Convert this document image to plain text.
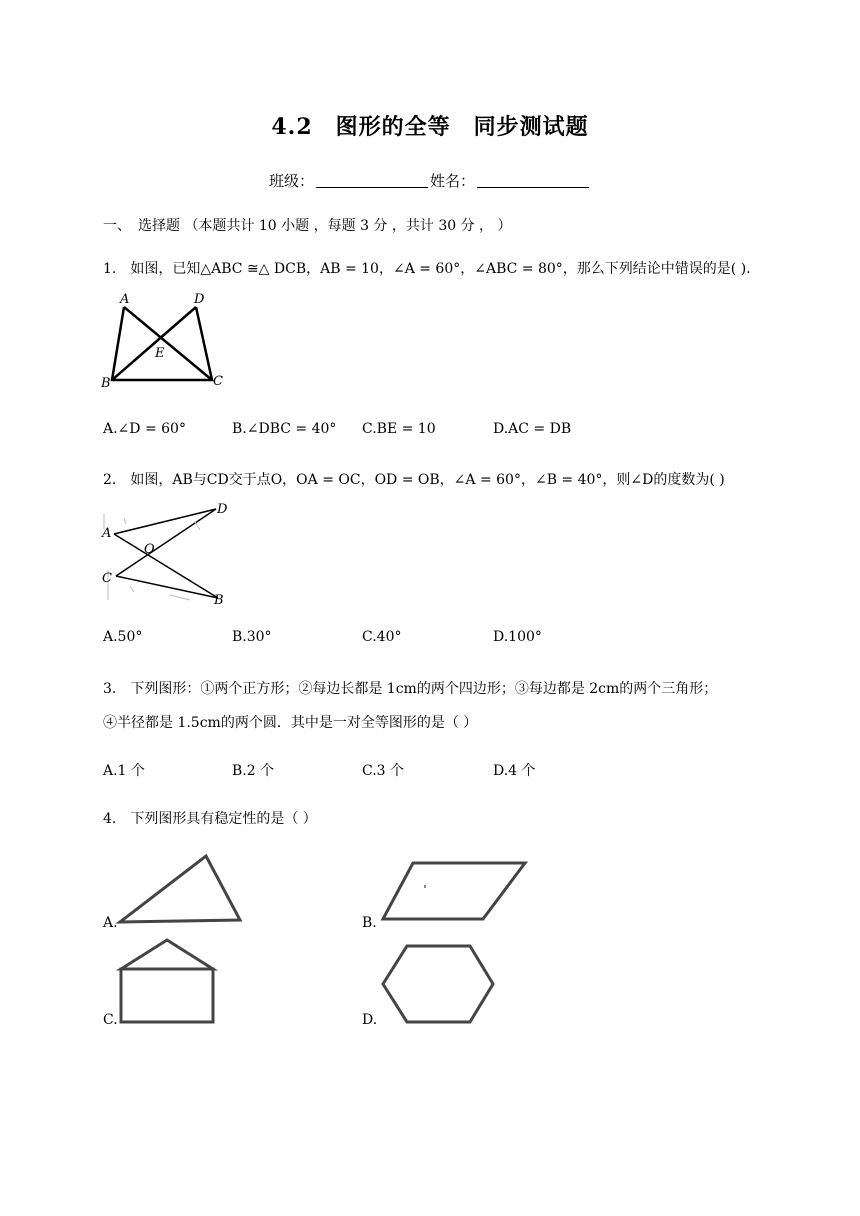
4.2　图形的全等　同步测试题
班级：	姓名：
一、　选择题 （本题共计 10 小题 ，每题 3 分 ，共计 30 分 ， ）
1.　如图，已知△ABC ≅△ DCB，AB = 10，∠A = 60°，∠ABC = 80°，那么下列结论中错误的是( ).
A	D
E
B	C
A.∠D = 60°	B.∠DBC = 40° C.BE = 10	D.AC = DB
2.　如图，AB与CD交于点O，OA = OC，OD = OB，∠A = 60°，∠B = 40°，则∠D的度数为( )
A
D
O
C
B
A.50°	B.30°	C.40°	D.100°
3.　下列图形：①两个正方形；②每边长都是 1cm的两个四边形；③每边都是 2cm的两个三角形；
④半径都是 1.5cm的两个圆．其中是一对全等图形的是（ ）
A.1 个	B.2 个	C.3 个	D.4 个
4.　下列图形具有稳定性的是（ ）
A.	B.
C.	D.
